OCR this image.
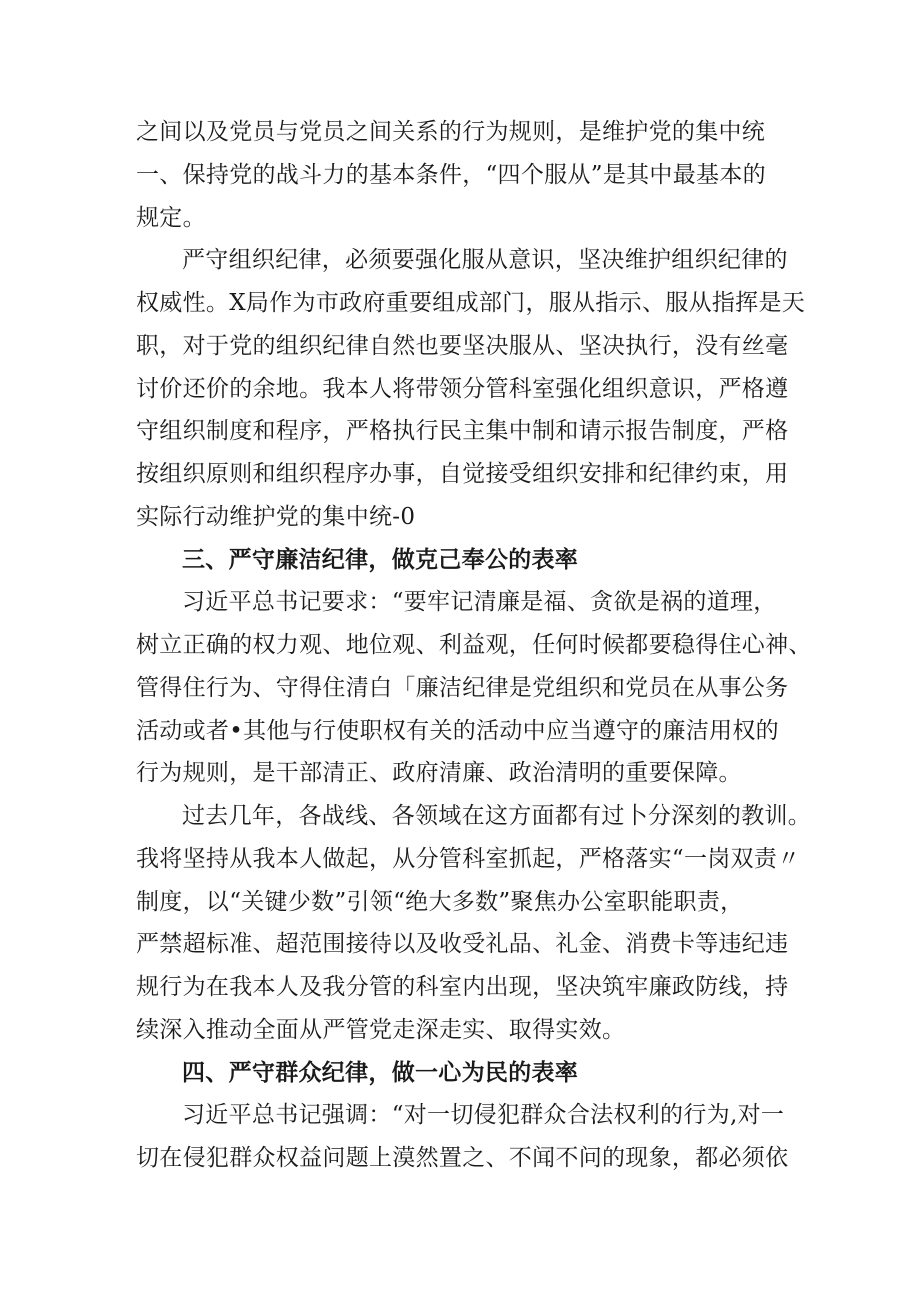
之间以及党员与党员之间关系的行为规则，是维护党的集中统
一、保持党的战斗力的基本条件，“四个服从”是其中最基本的
规定。
严守组织纪律，必须要强化服从意识，坚决维护组织纪律的
权威性。X局作为市政府重要组成部门，服从指示、服从指挥是天
职，对于党的组织纪律自然也要坚决服从、坚决执行，没有丝毫
讨价还价的余地。我本人将带领分管科室强化组织意识，严格遵
守组织制度和程序，严格执行民主集中制和请示报告制度，严格
按组织原则和组织程序办事，自觉接受组织安排和纪律约束，用
实际行动维护党的集中统-0
三、严守廉洁纪律，做克己奉公的表率
习近平总书记要求：“要牢记清廉是福、贪欲是祸的道理，
树立正确的权力观、地位观、利益观，任何时候都要稳得住心神、
管得住行为、守得住清白「廉洁纪律是党组织和党员在从事公务
活动或者•其他与行使职权有关的活动中应当遵守的廉洁用权的
行为规则，是干部清正、政府清廉、政治清明的重要保障。
过去几年，各战线、各领域在这方面都有过卜分深刻的教训。
我将坚持从我本人做起，从分管科室抓起，严格落实“一岗双责〃
制度，以“关键少数”引领“绝大多数”聚焦办公室职能职责，
严禁超标准、超范围接待以及收受礼品、礼金、消费卡等违纪违
规行为在我本人及我分管的科室内出现，坚决筑牢廉政防线，持
续深入推动全面从严管党走深走实、取得实效。
四、严守群众纪律，做一心为民的表率
习近平总书记强调：“对一切侵犯群众合法权利的行为,对一
切在侵犯群众权益问题上漠然置之、不闻不问的现象，都必须依
